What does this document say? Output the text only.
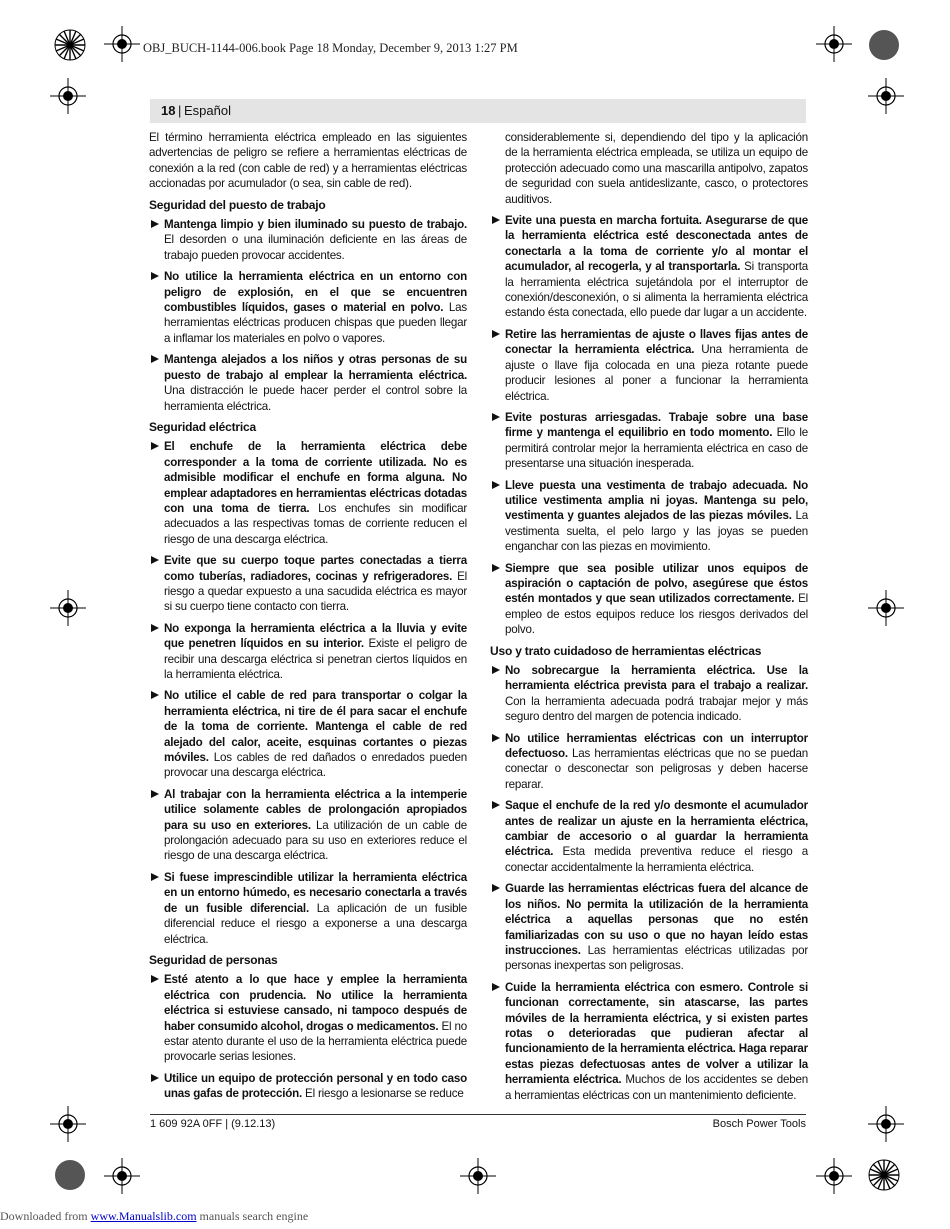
OBJ_BUCH-1144-006.book Page 18 Monday, December 9, 2013 1:27 PM
18 | Español
El término herramienta eléctrica empleado en las siguientes advertencias de peligro se refiere a herramientas eléctricas de conexión a la red (con cable de red) y a herramientas eléctricas accionadas por acumulador (o sea, sin cable de red).
Seguridad del puesto de trabajo
Mantenga limpio y bien iluminado su puesto de trabajo. El desorden o una iluminación deficiente en las áreas de trabajo pueden provocar accidentes.
No utilice la herramienta eléctrica en un entorno con peligro de explosión, en el que se encuentren combustibles líquidos, gases o material en polvo. Las herramientas eléctricas producen chispas que pueden llegar a inflamar los materiales en polvo o vapores.
Mantenga alejados a los niños y otras personas de su puesto de trabajo al emplear la herramienta eléctrica. Una distracción le puede hacer perder el control sobre la herramienta eléctrica.
Seguridad eléctrica
El enchufe de la herramienta eléctrica debe corresponder a la toma de corriente utilizada. No es admisible modificar el enchufe en forma alguna. No emplear adaptadores en herramientas eléctricas dotadas con una toma de tierra. Los enchufes sin modificar adecuados a las respectivas tomas de corriente reducen el riesgo de una descarga eléctrica.
Evite que su cuerpo toque partes conectadas a tierra como tuberías, radiadores, cocinas y refrigeradores. El riesgo a quedar expuesto a una sacudida eléctrica es mayor si su cuerpo tiene contacto con tierra.
No exponga la herramienta eléctrica a la lluvia y evite que penetren líquidos en su interior. Existe el peligro de recibir una descarga eléctrica si penetran ciertos líquidos en la herramienta eléctrica.
No utilice el cable de red para transportar o colgar la herramienta eléctrica, ni tire de él para sacar el enchufe de la toma de corriente. Mantenga el cable de red alejado del calor, aceite, esquinas cortantes o piezas móviles. Los cables de red dañados o enredados pueden provocar una descarga eléctrica.
Al trabajar con la herramienta eléctrica a la intemperie utilice solamente cables de prolongación apropiados para su uso en exteriores. La utilización de un cable de prolongación adecuado para su uso en exteriores reduce el riesgo de una descarga eléctrica.
Si fuese imprescindible utilizar la herramienta eléctrica en un entorno húmedo, es necesario conectarla a través de un fusible diferencial. La aplicación de un fusible diferencial reduce el riesgo a exponerse a una descarga eléctrica.
Seguridad de personas
Esté atento a lo que hace y emplee la herramienta eléctrica con prudencia. No utilice la herramienta eléctrica si estuviese cansado, ni tampoco después de haber consumido alcohol, drogas o medicamentos. El no estar atento durante el uso de la herramienta eléctrica puede provocarle serias lesiones.
Utilice un equipo de protección personal y en todo caso unas gafas de protección. El riesgo a lesionarse se reduce
considerablemente si, dependiendo del tipo y la aplicación de la herramienta eléctrica empleada, se utiliza un equipo de protección adecuado como una mascarilla antipolvo, zapatos de seguridad con suela antideslizante, casco, o protectores auditivos.
Evite una puesta en marcha fortuita. Asegurarse de que la herramienta eléctrica esté desconectada antes de conectarla a la toma de corriente y/o al montar el acumulador, al recogerla, y al transportarla. Si transporta la herramienta eléctrica sujetándola por el interruptor de conexión/desconexión, o si alimenta la herramienta eléctrica estando ésta conectada, ello puede dar lugar a un accidente.
Retire las herramientas de ajuste o llaves fijas antes de conectar la herramienta eléctrica. Una herramienta de ajuste o llave fija colocada en una pieza rotante puede producir lesiones al poner a funcionar la herramienta eléctrica.
Evite posturas arriesgadas. Trabaje sobre una base firme y mantenga el equilibrio en todo momento. Ello le permitirá controlar mejor la herramienta eléctrica en caso de presentarse una situación inesperada.
Lleve puesta una vestimenta de trabajo adecuada. No utilice vestimenta amplia ni joyas. Mantenga su pelo, vestimenta y guantes alejados de las piezas móviles. La vestimenta suelta, el pelo largo y las joyas se pueden enganchar con las piezas en movimiento.
Siempre que sea posible utilizar unos equipos de aspiración o captación de polvo, asegúrese que éstos estén montados y que sean utilizados correctamente. El empleo de estos equipos reduce los riesgos derivados del polvo.
Uso y trato cuidadoso de herramientas eléctricas
No sobrecargue la herramienta eléctrica. Use la herramienta eléctrica prevista para el trabajo a realizar. Con la herramienta adecuada podrá trabajar mejor y más seguro dentro del margen de potencia indicado.
No utilice herramientas eléctricas con un interruptor defectuoso. Las herramientas eléctricas que no se puedan conectar o desconectar son peligrosas y deben hacerse reparar.
Saque el enchufe de la red y/o desmonte el acumulador antes de realizar un ajuste en la herramienta eléctrica, cambiar de accesorio o al guardar la herramienta eléctrica. Esta medida preventiva reduce el riesgo a conectar accidentalmente la herramienta eléctrica.
Guarde las herramientas eléctricas fuera del alcance de los niños. No permita la utilización de la herramienta eléctrica a aquellas personas que no estén familiarizadas con su uso o que no hayan leído estas instrucciones. Las herramientas eléctricas utilizadas por personas inexpertas son peligrosas.
Cuide la herramienta eléctrica con esmero. Controle si funcionan correctamente, sin atascarse, las partes móviles de la herramienta eléctrica, y si existen partes rotas o deterioradas que pudieran afectar al funcionamiento de la herramienta eléctrica. Haga reparar estas piezas defectuosas antes de volver a utilizar la herramienta eléctrica. Muchos de los accidentes se deben a herramientas eléctricas con un mantenimiento deficiente.
1 609 92A 0FF | (9.12.13)	Bosch Power Tools
Downloaded from www.Manualslib.com manuals search engine
